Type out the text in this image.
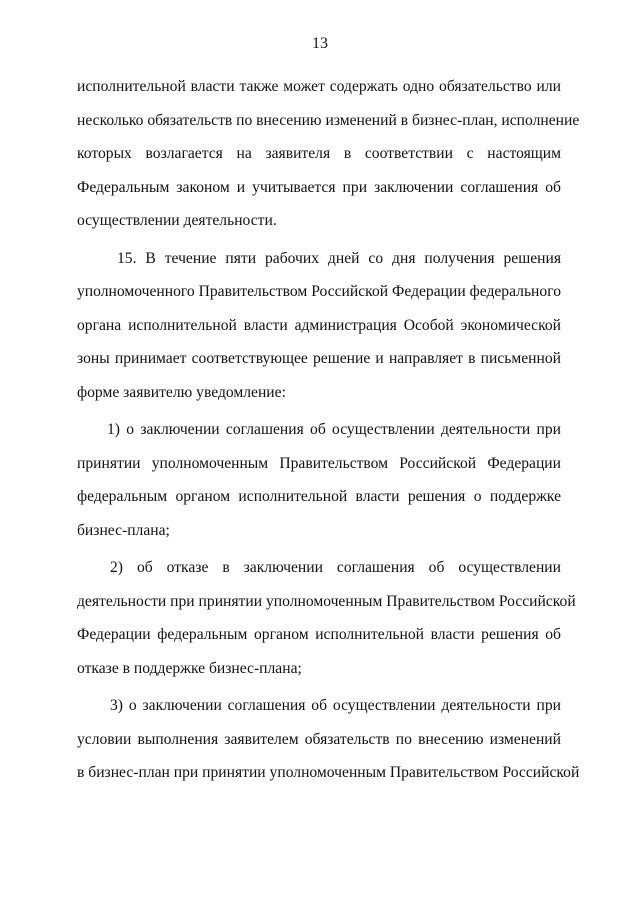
13
исполнительной власти также может содержать одно обязательство или
несколько обязательств по внесению изменений в бизнес-план, исполнение
которых возлагается на заявителя в соответствии с настоящим
Федеральным законом и учитывается при заключении соглашения об
осуществлении деятельности.
15. В течение пяти рабочих дней со дня получения решения
уполномоченного Правительством Российской Федерации федерального
органа исполнительной власти администрация Особой экономической
зоны принимает соответствующее решение и направляет в письменной
форме заявителю уведомление:
1) о заключении соглашения об осуществлении деятельности при
принятии уполномоченным Правительством Российской Федерации
федеральным органом исполнительной власти решения о поддержке
бизнес-плана;
2) об отказе в заключении соглашения об осуществлении
деятельности при принятии уполномоченным Правительством Российской
Федерации федеральным органом исполнительной власти решения об
отказе в поддержке бизнес-плана;
3) о заключении соглашения об осуществлении деятельности при
условии выполнения заявителем обязательств по внесению изменений
в бизнес-план при принятии уполномоченным Правительством Российской
